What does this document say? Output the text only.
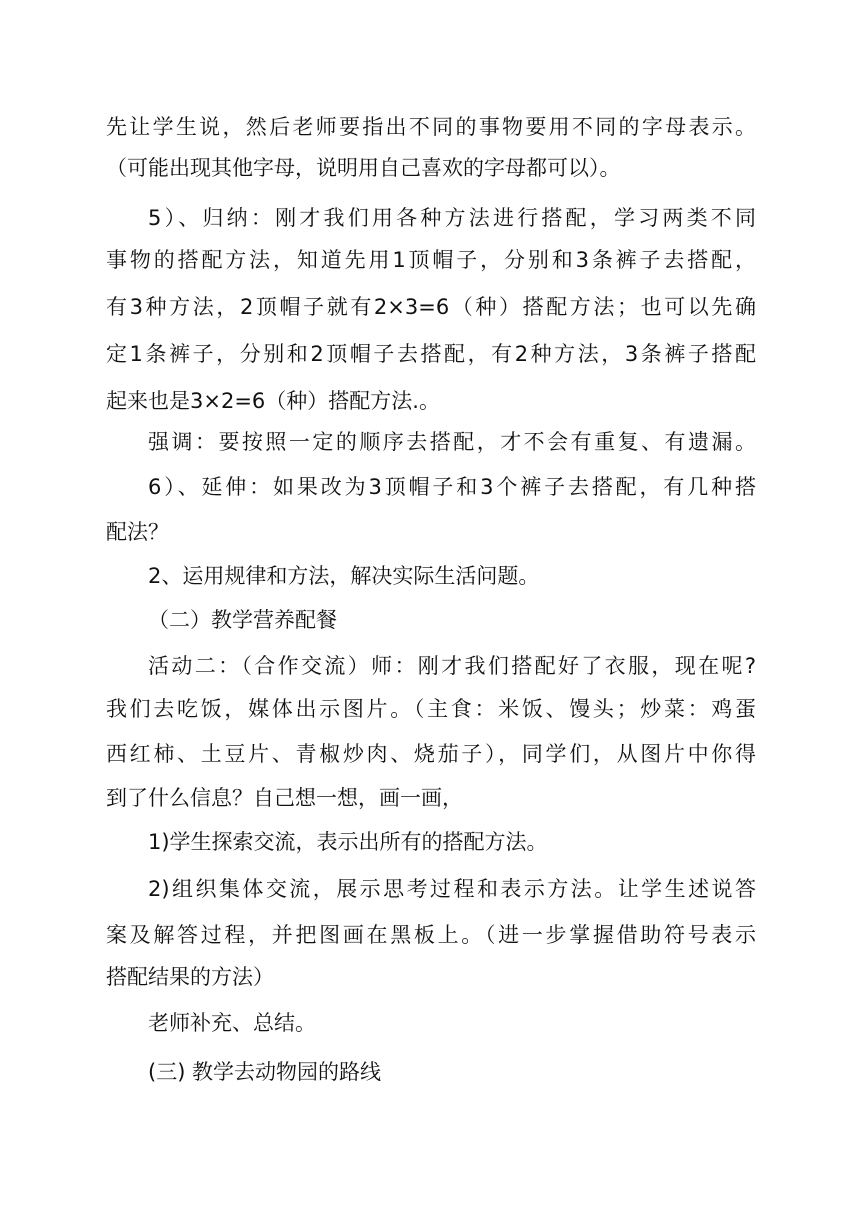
先让学生说，然后老师要指出不同的事物要用不同的字母表示。
（可能出现其他字母，说明用自己喜欢的字母都可以）。
5）、归纳：刚才我们用各种方法进行搭配，学习两类不同
事物的搭配方法，知道先用1顶帽子，分别和3条裤子去搭配，
有3种方法，2顶帽子就有2×3=6（种）搭配方法；也可以先确
定1条裤子，分别和2顶帽子去搭配，有2种方法，3条裤子搭配
起来也是3×2=6（种）搭配方法.。
强调：要按照一定的顺序去搭配，才不会有重复、有遗漏。
6）、延伸：如果改为3顶帽子和3个裤子去搭配，有几种搭
配法？
2、运用规律和方法，解决实际生活问题。
（二）教学营养配餐
活动二：（合作交流）师：刚才我们搭配好了衣服，现在呢?
我们去吃饭，媒体出示图片。（主食：米饭、馒头；炒菜：鸡蛋
西红柿、土豆片、青椒炒肉、烧茄子），同学们，从图片中你得
到了什么信息？自己想一想，画一画，
1)学生探索交流，表示出所有的搭配方法。
2)组织集体交流，展示思考过程和表示方法。让学生述说答
案及解答过程，并把图画在黑板上。（进一步掌握借助符号表示
搭配结果的方法）
老师补充、总结。
(三) 教学去动物园的路线
